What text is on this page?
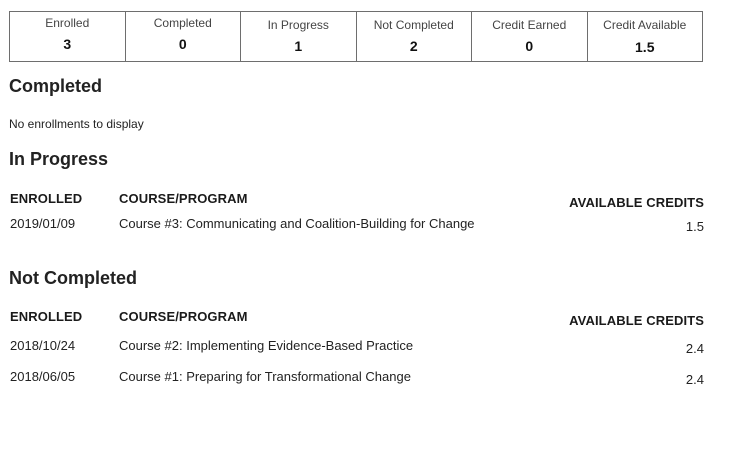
Enrolled
3
Completed
0
In Progress
1
Not Completed
2
Credit Earned
0
Credit Available
1.5
Completed
No enrollments to display
In Progress
ENROLLED	COURSE/PROGRAM	AVAILABLE CREDITS
2019/01/09	Course #3: Communicating and Coalition-Building for Change	1.5
Not Completed
ENROLLED	COURSE/PROGRAM	AVAILABLE CREDITS
2018/10/24	Course #2: Implementing Evidence-Based Practice	2.4
2018/06/05	Course #1: Preparing for Transformational Change	2.4
